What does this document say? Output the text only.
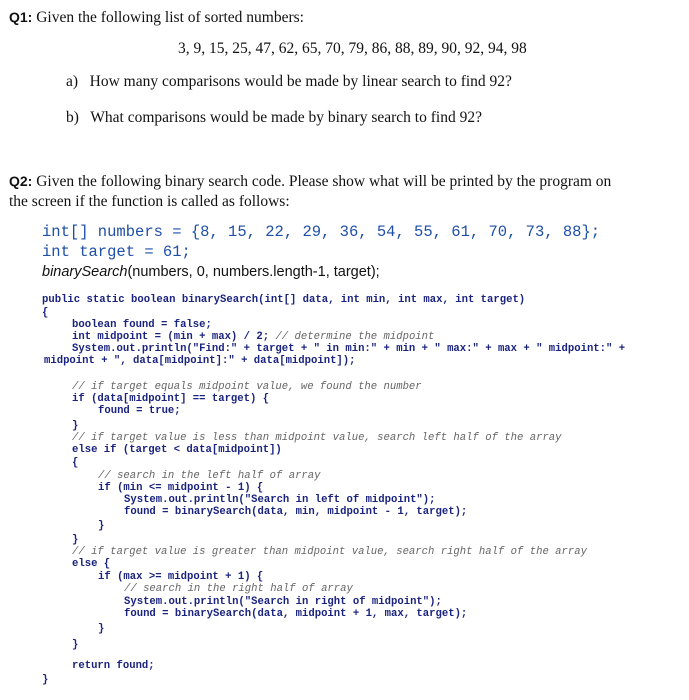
Q1: Given the following list of sorted numbers:
3, 9, 15, 25, 47, 62, 65, 70, 79, 86, 88, 89, 90, 92, 94, 98
a)   How many comparisons would be made by linear search to find 92?
b)   What comparisons would be made by binary search to find 92?
Q2: Given the following binary search code. Please show what will be printed by the program on
the screen if the function is called as follows:
int[] numbers = {8, 15, 22, 29, 36, 54, 55, 61, 70, 73, 88};
int target = 61;
binarySearch(numbers, 0, numbers.length-1, target);
public static boolean binarySearch(int[] data, int min, int max, int target)
{
boolean found = false;
int midpoint = (min + max) / 2; // determine the midpoint
System.out.println("Find:" + target + " in min:" + min + " max:" + max + " midpoint:" +
midpoint + ", data[midpoint]:" + data[midpoint]);
// if target equals midpoint value, we found the number
if (data[midpoint] == target) {
found = true;
}
// if target value is less than midpoint value, search left half of the array
else if (target < data[midpoint])
{
// search in the left half of array
if (min <= midpoint - 1) {
System.out.println("Search in left of midpoint");
found = binarySearch(data, min, midpoint - 1, target);
}
}
// if target value is greater than midpoint value, search right half of the array
else {
if (max >= midpoint + 1) {
// search in the right half of array
System.out.println("Search in right of midpoint");
found = binarySearch(data, midpoint + 1, max, target);
}
}
return found;
}
